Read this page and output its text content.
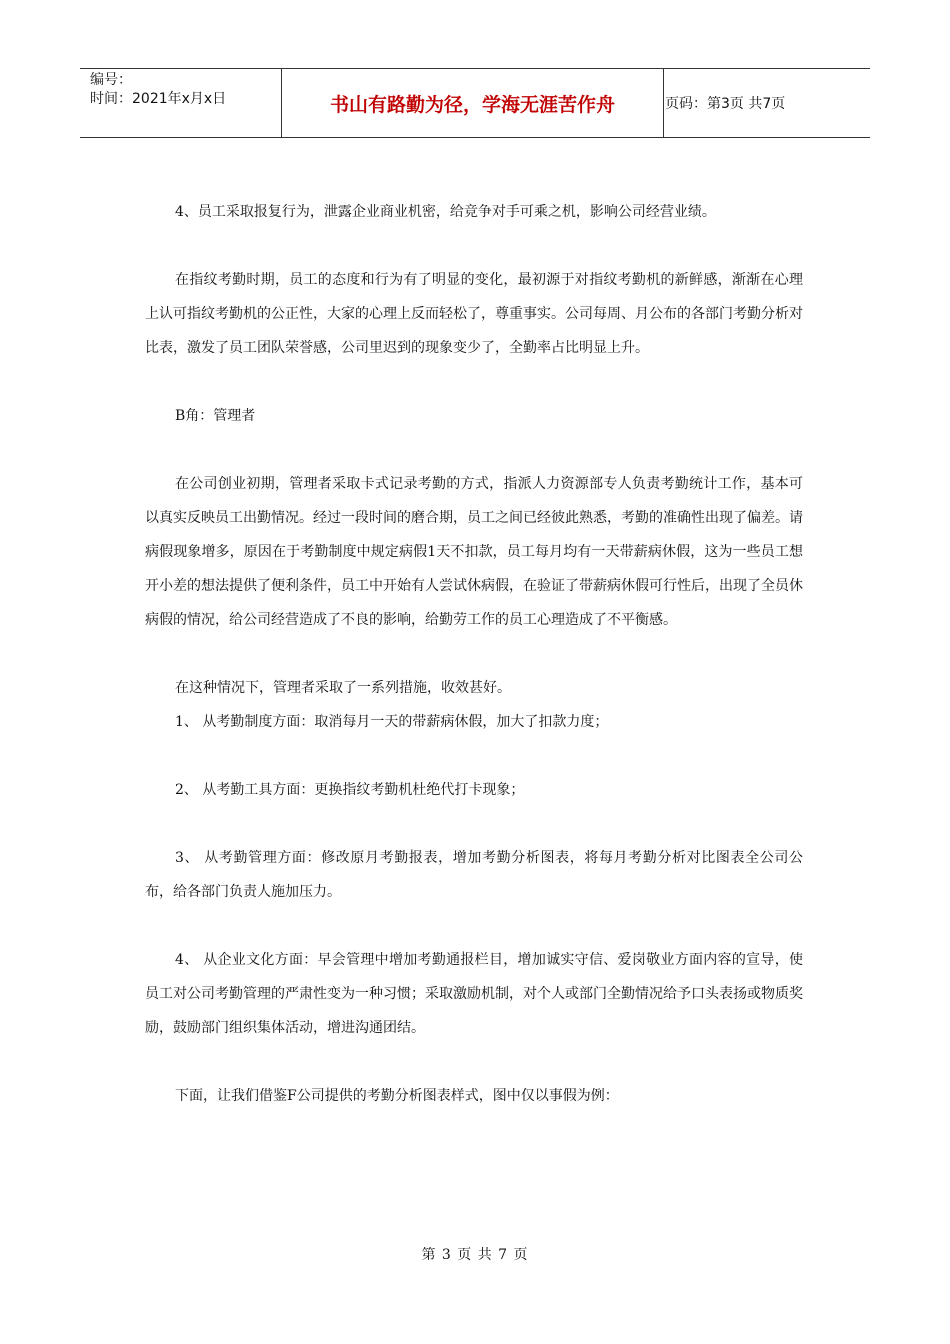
编号：
时间：2021年x月x日	书山有路勤为径，学海无涯苦作舟	页码：第3页 共7页

4、员工采取报复行为，泄露企业商业机密，给竞争对手可乘之机，影响公司经营业绩。

在指纹考勤时期，员工的态度和行为有了明显的变化，最初源于对指纹考勤机的新鲜感，渐渐在心理上认可指纹考勤机的公正性，大家的心理上反而轻松了，尊重事实。公司每周、月公布的各部门考勤分析对比表，激发了员工团队荣誉感，公司里迟到的现象变少了，全勤率占比明显上升。

B角：管理者

在公司创业初期，管理者采取卡式记录考勤的方式，指派人力资源部专人负责考勤统计工作，基本可以真实反映员工出勤情况。经过一段时间的磨合期，员工之间已经彼此熟悉，考勤的准确性出现了偏差。请病假现象增多，原因在于考勤制度中规定病假1天不扣款，员工每月均有一天带薪病休假，这为一些员工想开小差的想法提供了便利条件，员工中开始有人尝试休病假，在验证了带薪病休假可行性后，出现了全员休病假的情况，给公司经营造成了不良的影响，给勤劳工作的员工心理造成了不平衡感。

在这种情况下，管理者采取了一系列措施，收效甚好。

1、 从考勤制度方面：取消每月一天的带薪病休假，加大了扣款力度；

2、 从考勤工具方面：更换指纹考勤机杜绝代打卡现象；

3、 从考勤管理方面：修改原月考勤报表，增加考勤分析图表，将每月考勤分析对比图表全公司公布，给各部门负责人施加压力。

4、 从企业文化方面：早会管理中增加考勤通报栏目，增加诚实守信、爱岗敬业方面内容的宣导，使员工对公司考勤管理的严肃性变为一种习惯；采取激励机制，对个人或部门全勤情况给予口头表扬或物质奖励，鼓励部门组织集体活动，增进沟通团结。

下面，让我们借鉴F公司提供的考勤分析图表样式，图中仅以事假为例：

第 3 页 共 7 页
